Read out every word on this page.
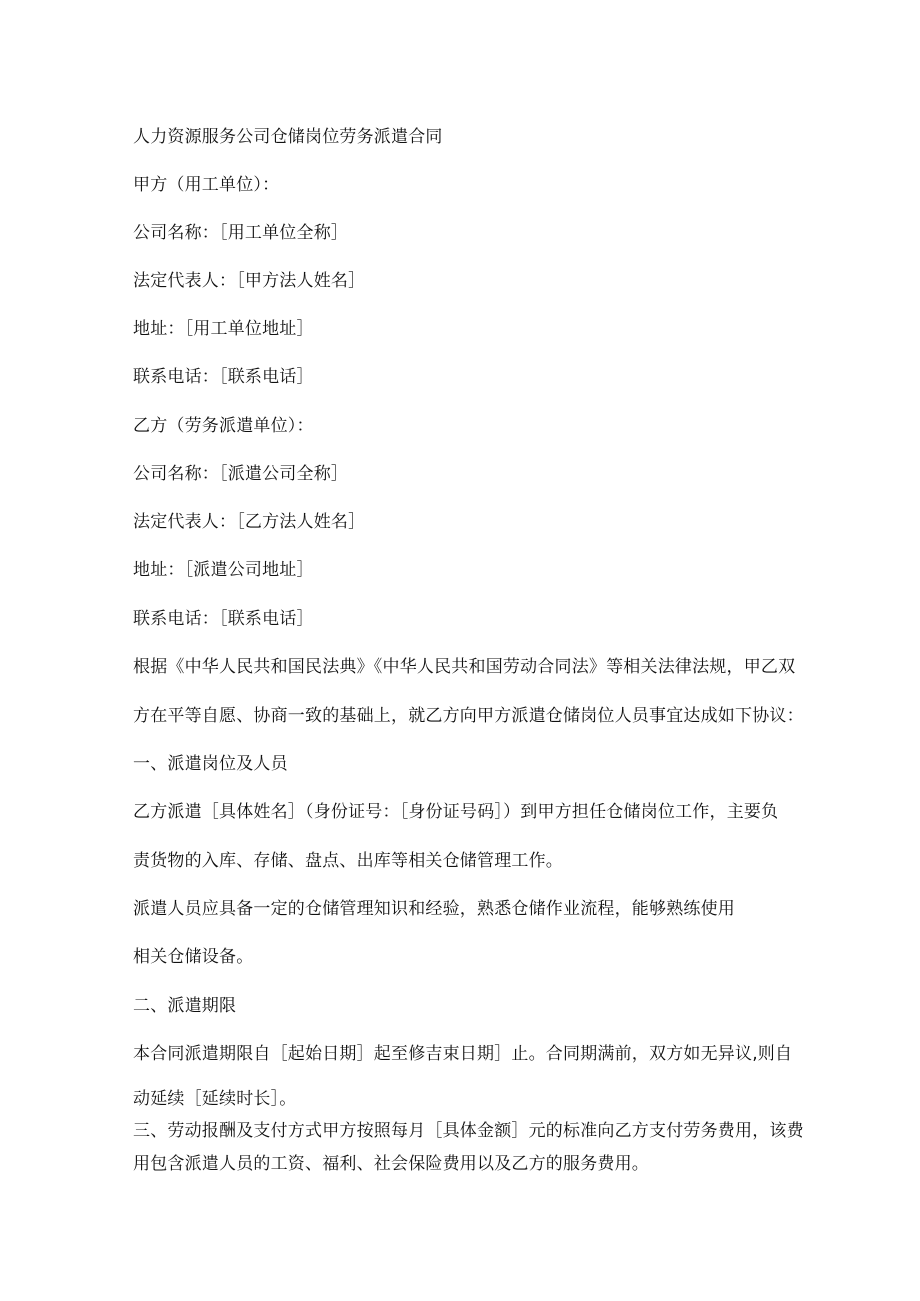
人力资源服务公司仓储岗位劳务派遣合同
甲方（用工单位）：
公司名称：［用工单位全称］
法定代表人：［甲方法人姓名］
地址：［用工单位地址］
联系电话：［联系电话］
乙方（劳务派遣单位）：
公司名称：［派遣公司全称］
法定代表人：［乙方法人姓名］
地址：［派遣公司地址］
联系电话：［联系电话］
根据《中华人民共和国民法典》《中华人民共和国劳动合同法》等相关法律法规，甲乙双
方在平等自愿、协商一致的基础上，就乙方向甲方派遣仓储岗位人员事宜达成如下协议：
一、派遣岗位及人员
乙方派遣［具体姓名］（身份证号：［身份证号码］）到甲方担任仓储岗位工作，主要负
责货物的入库、存储、盘点、出库等相关仓储管理工作。
派遣人员应具备一定的仓储管理知识和经验，熟悉仓储作业流程，能够熟练使用
相关仓储设备。
二、派遣期限
本合同派遣期限自［起始日期］起至修吉束日期］止。合同期满前，双方如无异议,则自
动延续［延续时长］。
三、劳动报酬及支付方式甲方按照每月［具体金额］元的标准向乙方支付劳务费用，该费
用包含派遣人员的工资、福利、社会保险费用以及乙方的服务费用。
